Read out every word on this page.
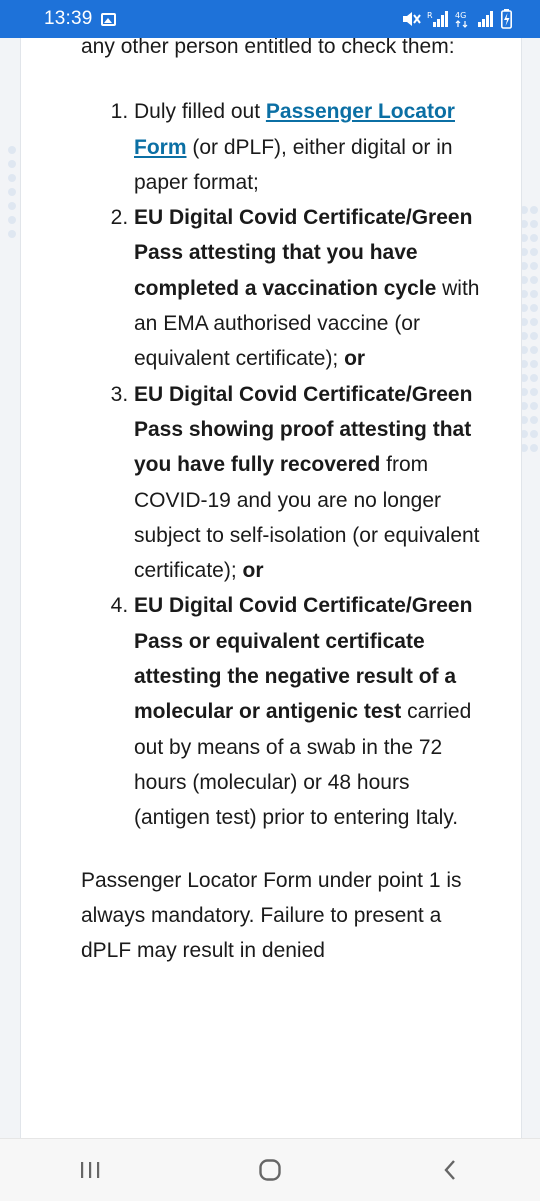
13:39	R	4G

any other person entitled to check them:

1. Duly filled out Passenger Locator Form (or dPLF), either digital or in paper format;
2. EU Digital Covid Certificate/Green Pass attesting that you have completed a vaccination cycle with an EMA authorised vaccine (or equivalent certificate); or
3. EU Digital Covid Certificate/Green Pass showing proof attesting that you have fully recovered from COVID-19 and you are no longer subject to self-isolation (or equivalent certificate); or
4. EU Digital Covid Certificate/Green Pass or equivalent certificate attesting the negative result of a molecular or antigenic test carried out by means of a swab in the 72 hours (molecular) or 48 hours (antigen test) prior to entering Italy.

Passenger Locator Form under point 1 is always mandatory. Failure to present a dPLF may result in denied
